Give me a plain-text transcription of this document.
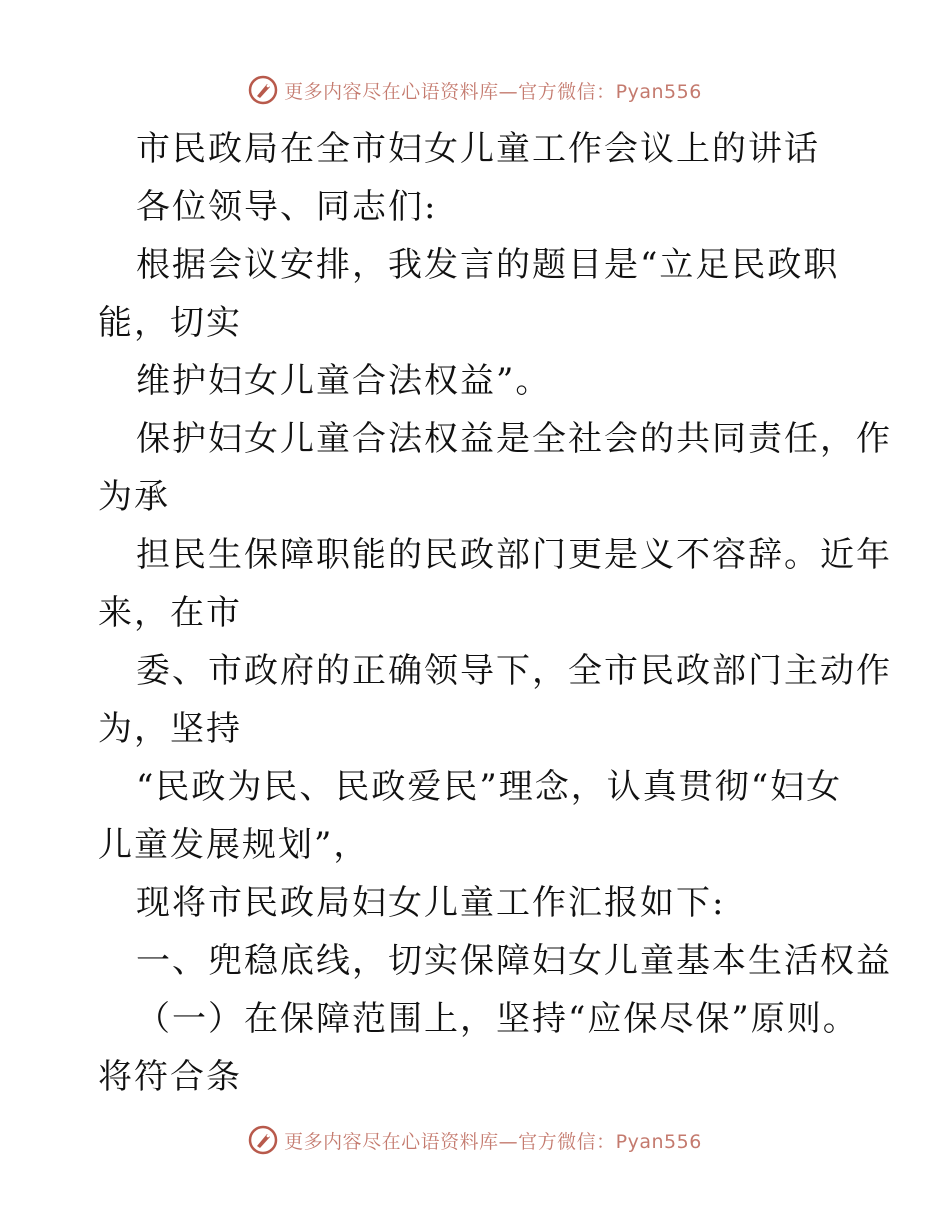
更多内容尽在心语资料库—官方微信：Pyan556
市民政局在全市妇女儿童工作会议上的讲话
各位领导、同志们:
根据会议安排，我发言的题目是“立足民政职
能，切实
维护妇女儿童合法权益”。
保护妇女儿童合法权益是全社会的共同责任，作
为承
担民生保障职能的民政部门更是义不容辞。近年
来，在市
委、市政府的正确领导下，全市民政部门主动作
为，坚持
“民政为民、民政爱民”理念，认真贯彻“妇女
儿童发展规划”，
现将市民政局妇女儿童工作汇报如下:
一、兜稳底线，切实保障妇女儿童基本生活权益
（一）在保障范围上，坚持“应保尽保”原则。
将符合条
更多内容尽在心语资料库—官方微信：Pyan556
